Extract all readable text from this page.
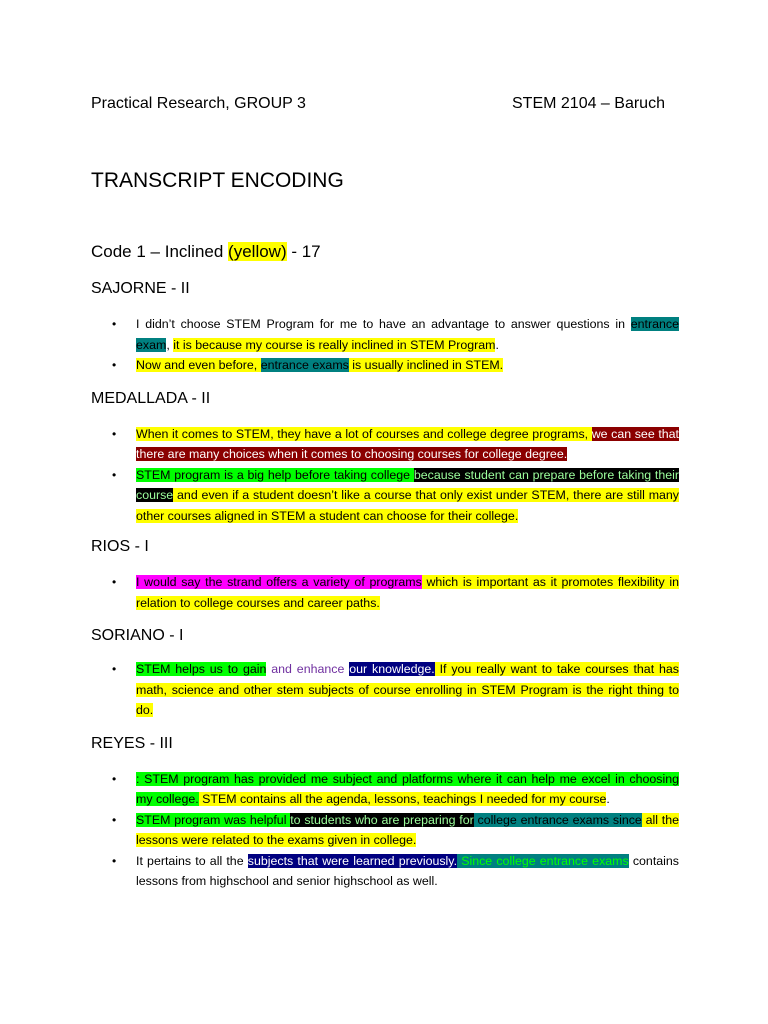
Practical Research, GROUP 3	STEM 2104 – Baruch
TRANSCRIPT ENCODING
Code 1 – Inclined (yellow) - 17
SAJORNE - II
• I didn’t choose STEM Program for me to have an advantage to answer questions in entrance exam, it is because my course is really inclined in STEM Program.
• Now and even before, entrance exams is usually inclined in STEM.
MEDALLADA - II
• When it comes to STEM, they have a lot of courses and college degree programs, we can see that there are many choices when it comes to choosing courses for college degree.
• STEM program is a big help before taking college because student can prepare before taking their course and even if a student doesn’t like a course that only exist under STEM, there are still many other courses aligned in STEM a student can choose for their college.
RIOS - I
• I would say the strand offers a variety of programs which is important as it promotes flexibility in relation to college courses and career paths.
SORIANO - I
• STEM helps us to gain and enhance our knowledge. If you really want to take courses that has math, science and other stem subjects of course enrolling in STEM Program is the right thing to do.
REYES - III
• : STEM program has provided me subject and platforms where it can help me excel in choosing my college. STEM contains all the agenda, lessons, teachings I needed for my course.
• STEM program was helpful to students who are preparing for college entrance exams since all the lessons were related to the exams given in college.
• It pertains to all the subjects that were learned previously. Since college entrance exams contains lessons from highschool and senior highschool as well.
